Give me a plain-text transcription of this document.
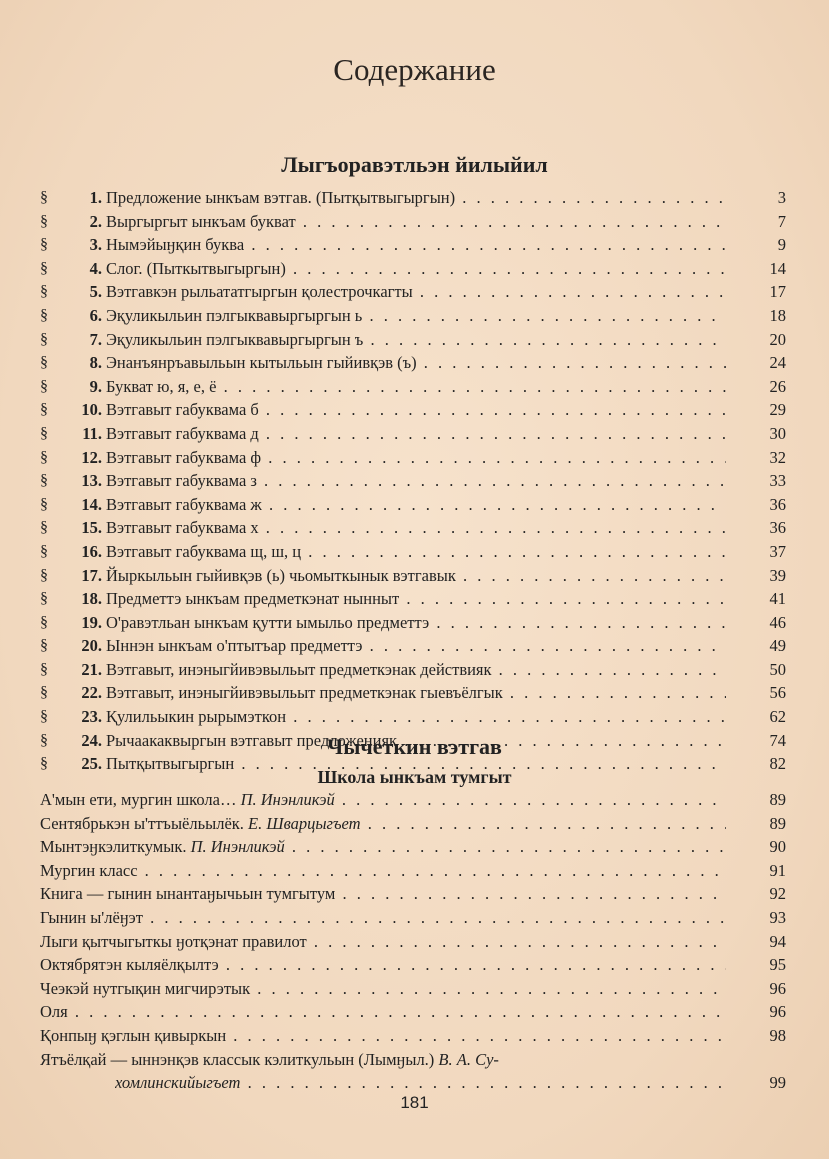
Содержание
Лыгъоравэтльэн йилыйил
§	1. Предложение ынкъам вэтгав. (Пытқытвыгыргын) . . .	3
§	2. Выргыргыт ынкъам букват . . .	7
§	3. Нымэйыӈқин буква . . .	9
§	4. Слог. (Пыткытвыгыргын) . . .	14
§	5. Вэтгавкэн рыльататгыргын қолестрочкагты . . .	17
§	6. Эқуликыльин пэлгыквавыргыргын ь . . .	18
§	7. Эқуликыльин пэлгыквавыргыргын ъ . . .	20
§	8. Энанъянръавыльын кытыльын гыйивқэв (ъ) . . .	24
§	9. Букват ю, я, е, ё . . .	26
§	10. Вэтгавыт габуквама б . . .	29
§	11. Вэтгавыт габуквама д . . .	30
§	12. Вэтгавыт габуквама ф . . .	32
§	13. Вэтгавыт габуквама з . . .	33
§	14. Вэтгавыт габуквама ж . . .	36
§	15. Вэтгавыт габуквама х . . .	36
§	16. Вэтгавыт габуквама щ, ш, ц . . .	37
§	17. Йыркыльын гыйивқэв (ь) чьомыткынык вэтгавык . . .	39
§	18. Предметтэ ынкъам предметкэнат нынныт . . .	41
§	19. О'равэтльан ынкъам қутти ымыльо предметтэ . . .	46
§	20. Ыннэн ынкъам о'птытъар предметтэ . . .	49
§	21. Вэтгавыт, инэныгйивэвыльыт предметкэнак действияк . . .	50
§	22. Вэтгавыт, инэныгйивэвыльыт предметкэнак гыевъёлгык . . .	56
§	23. Қулильыкин рырымэткон . . .	62
§	24. Рычаакаквыргын вэтгавыт предложенияк . . .	74
§	25. Пытқытвыгыргын . . .	82
Чычеткин вэтгав
Школа ынкъам тумгыт
А'мын ети, мургин школа… П. Инэнликэй . . .	89
Сентябрькэн ы'ттъыёльылёк. Е. Шварцыгъет . . .	89
Мынтэӈкэлиткумык. П. Инэнликэй . . .	90
Мургин класс . . .	91
Книга — гынин ынантаӈычьын тумгытум . . .	92
Гынин ы'лёӈэт . . .	93
Лыги қытчыгыткы ӈотқэнат правилот . . .	94
Октябрятэн кыляёлқылтэ . . .	95
Чеэкэй нутгықин мигчирэтык . . .	96
Оля . . .	96
Қонпыӈ қэглын қивыркын . . .	98
Ятъёлқай — ыннэнқэв классык кэлиткульын (Лымӈыл.) В. А. Су-
хомлинскийыгъет . . .	99
181
